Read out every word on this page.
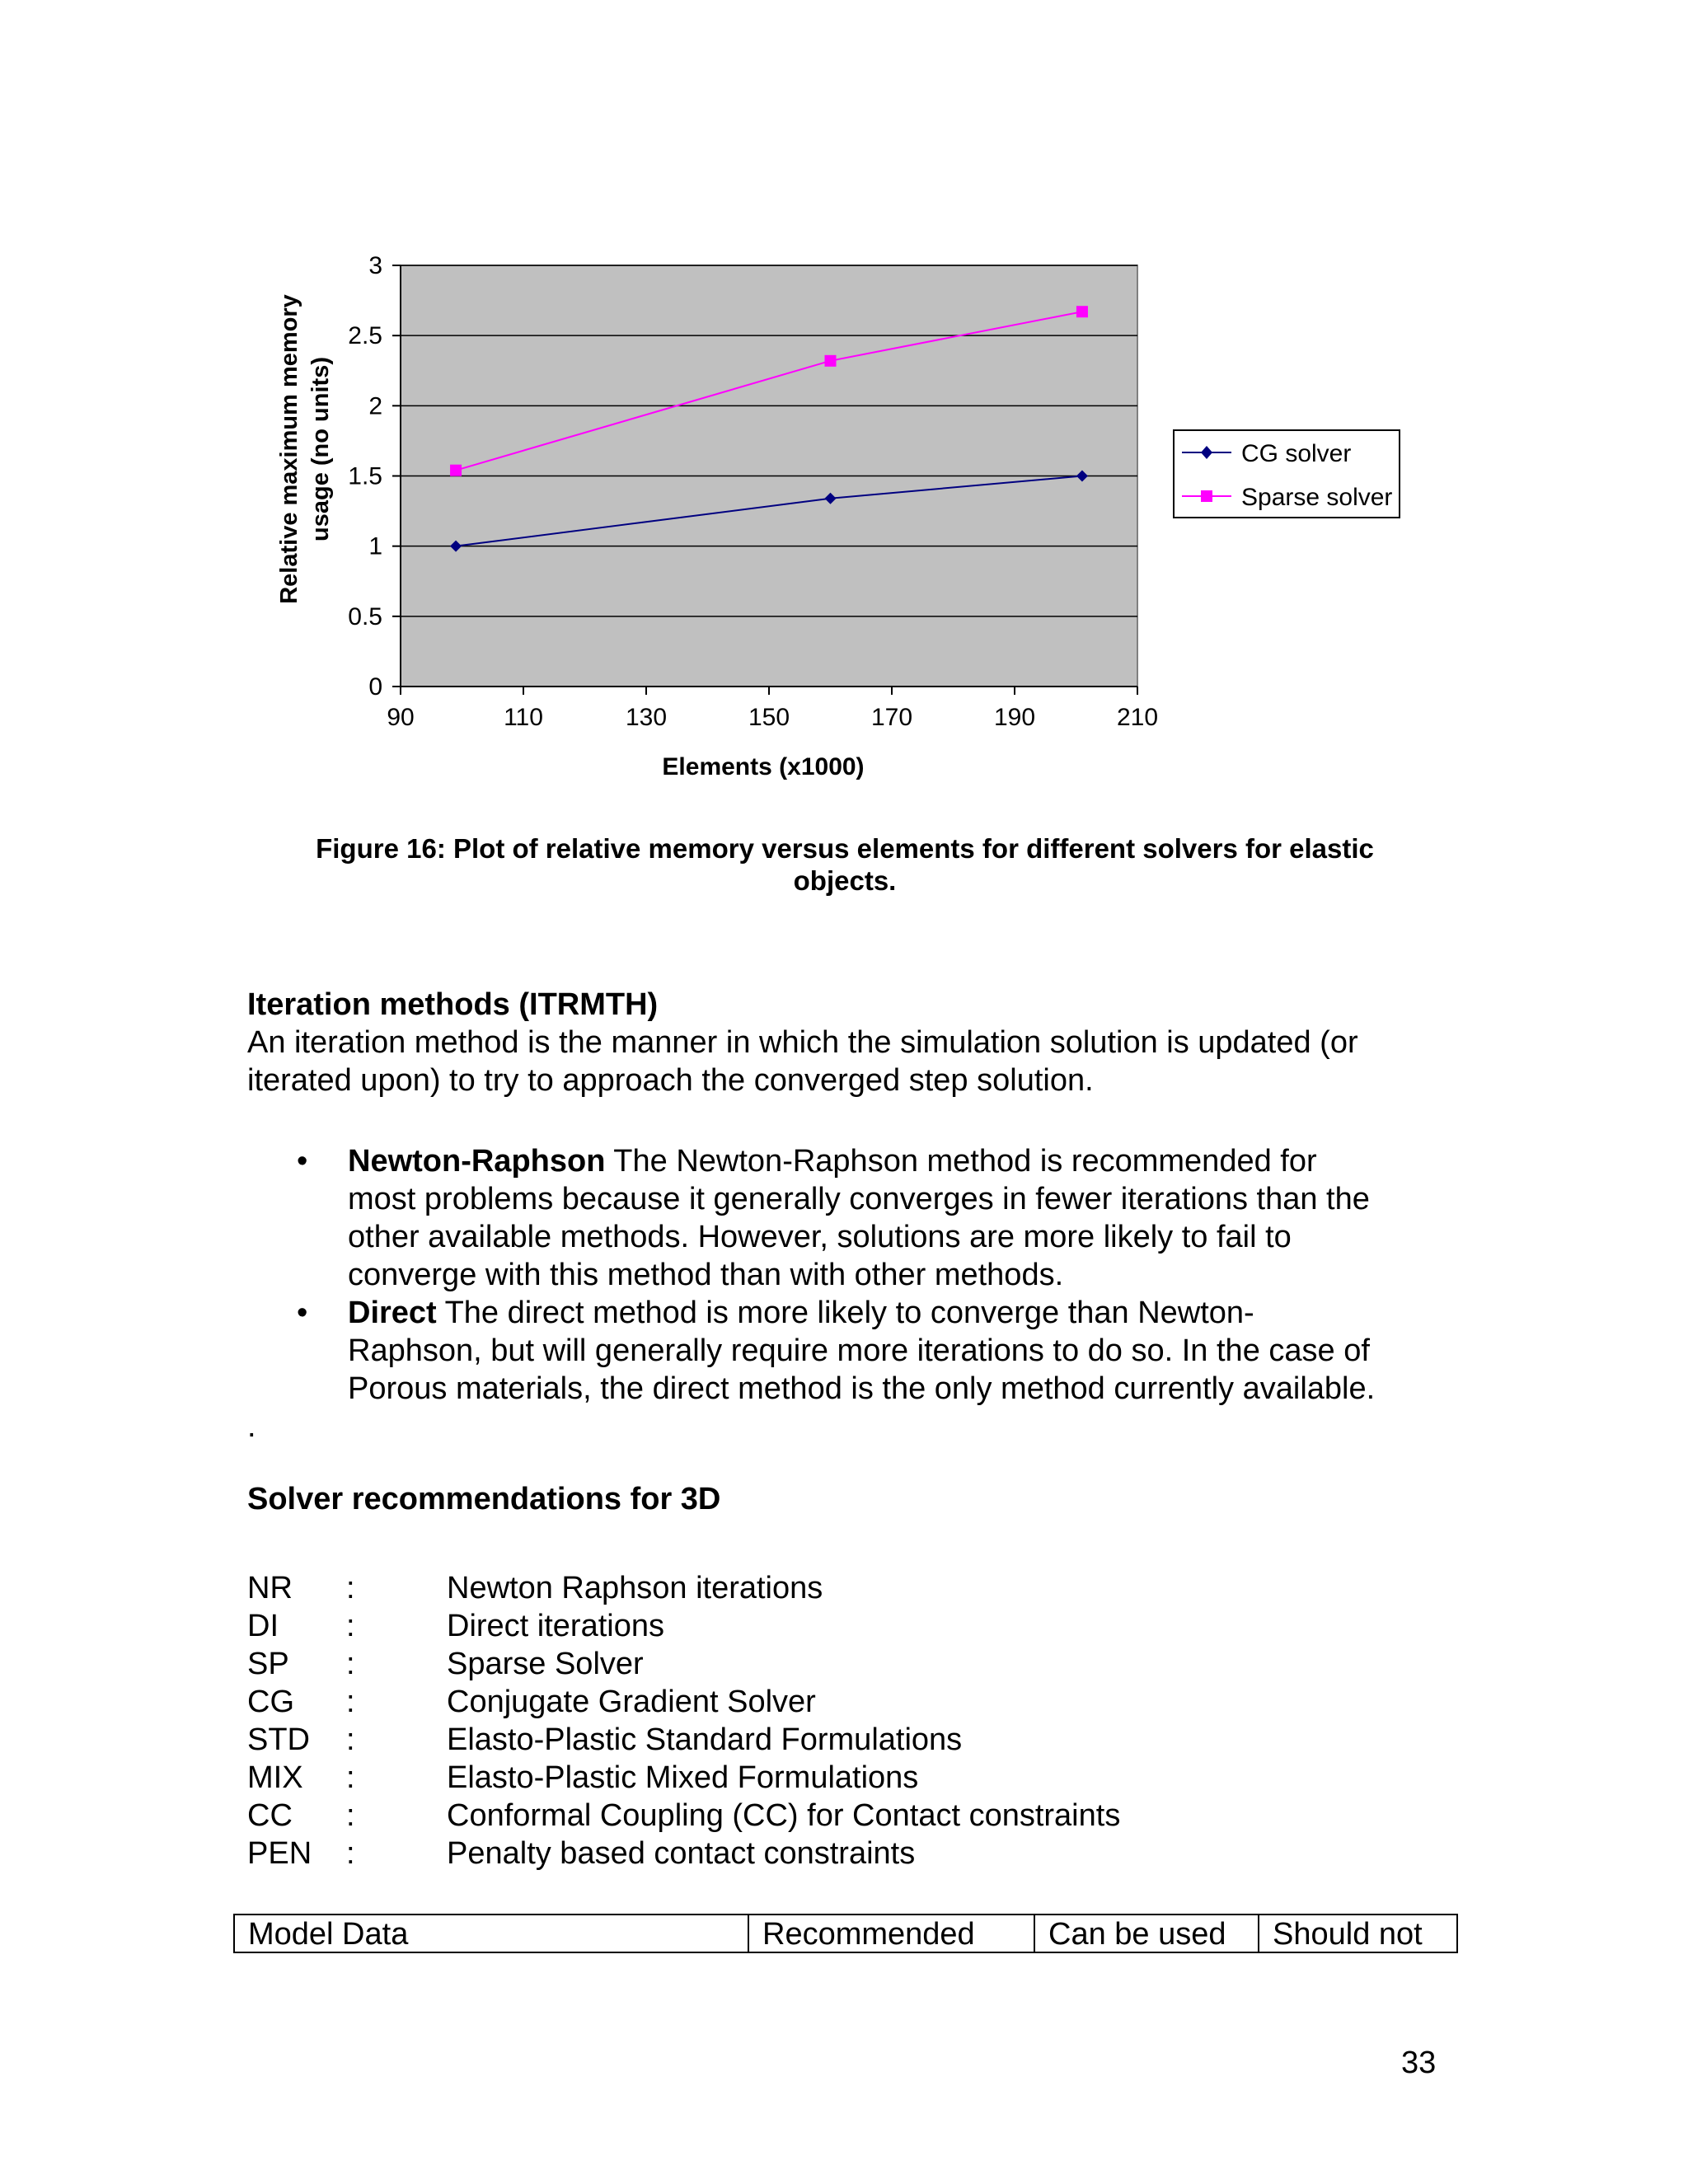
0
0.5
1
1.5
2
2.5
3
90	110	130	150	170	190	210
Relative maximum memory usage (no units)
Elements (x1000)
CG solver
Sparse solver
Figure 16: Plot of relative memory versus elements for different solvers for elastic
objects.
Iteration methods (ITRMTH)
An iteration method is the manner in which the simulation solution is updated (or
iterated upon) to try to approach the converged step solution.
• Newton-Raphson The Newton-Raphson method is recommended for
most problems because it generally converges in fewer iterations than the
other available methods. However, solutions are more likely to fail to
converge with this method than with other methods.
• Direct The direct method is more likely to converge than Newton-
Raphson, but will generally require more iterations to do so. In the case of
Porous materials, the direct method is the only method currently available.
.
Solver recommendations for 3D
NR :	Newton Raphson iterations
DI :	Direct iterations
SP :	Sparse Solver
CG :	Conjugate Gradient Solver
STD :	Elasto-Plastic Standard Formulations
MIX :	Elasto-Plastic Mixed Formulations
CC :	Conformal Coupling (CC) for Contact constraints
PEN :	Penalty based contact constraints
Model Data	Recommended	Can be used	Should not
33
